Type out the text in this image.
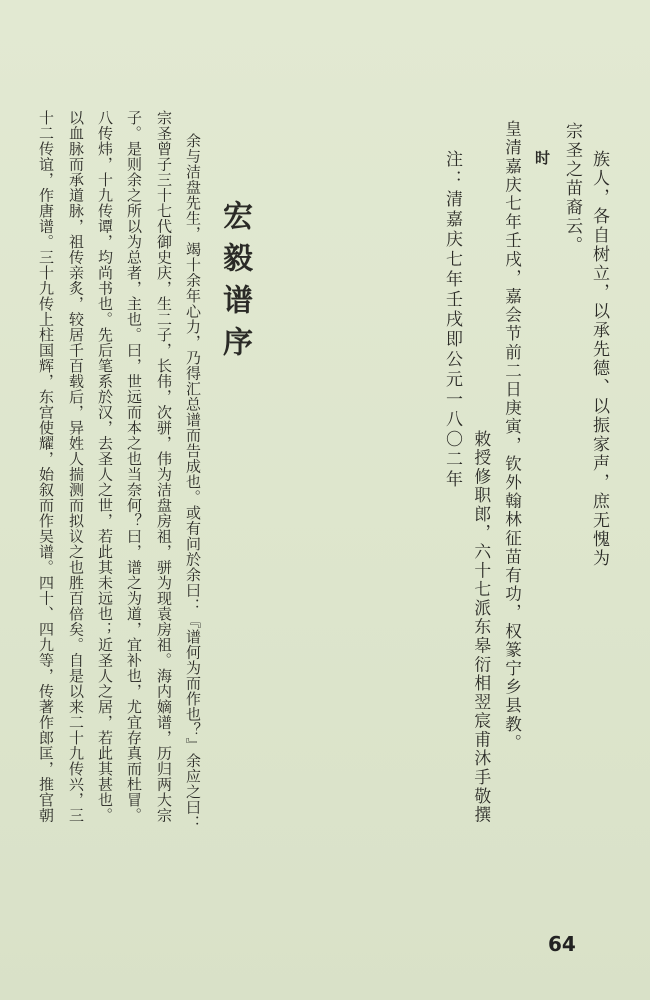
族人，各自树立，以承先德、以振家声，庶无愧为
宗圣之苗裔云。
时
皇清嘉庆七年壬戌，嘉会节前二日庚寅，钦外翰林征苗有功，权篆宁乡县教。
敕授修职郎，六十七派东皋衍相翌宸甫沐手敬撰
注：清嘉庆七年壬戌即公元一八〇二年
宏毅谱序
余与洁盘先生，竭十余年心力，乃得汇总谱而告成也。或有问於余曰：『谱何为而作也？』余应之曰：
宗圣曾子三十七代御史庆，生二子，长伟，次骈，伟为洁盘房祖，骈为现袁房祖。海内嫡谱，历归两大宗
子。是则余之所以为总者，主也。曰，世远而本之也当奈何？曰，谱之为道，宜补也，尤宜存真而杜冒。
八传炜，十九传谭，均尚书也。先后笔系於汉，去圣人之世，若此其未远也；近圣人之居，若此其甚也。
以血脉而承道脉，祖传亲炙，较居千百载后，异姓人揣测而拟议之也胜百倍矣。自是以来二十九传兴，三
十二传谊，作唐谱。三十九传上柱国辉，东宫使耀，始叙而作吴谱。四十、四九等，传著作郎匡，推官朝
64
